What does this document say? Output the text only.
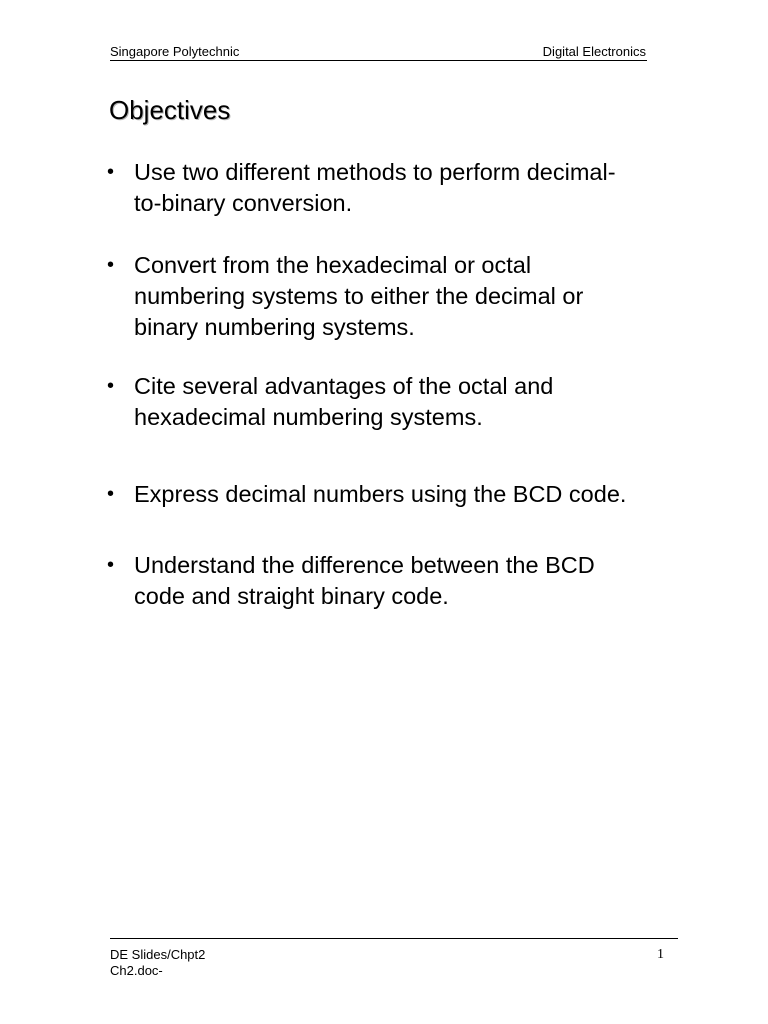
Singapore Polytechnic	Digital Electronics
Objectives
• Use two different methods to perform decimal-
to-binary conversion.
• Convert from the hexadecimal or octal
numbering systems to either the decimal or
binary numbering systems.
• Cite several advantages of the octal and
hexadecimal numbering systems.
• Express decimal numbers using the BCD code.
• Understand the difference between the BCD
code and straight binary code.
DE Slides/Chpt2
Ch2.doc-
1
